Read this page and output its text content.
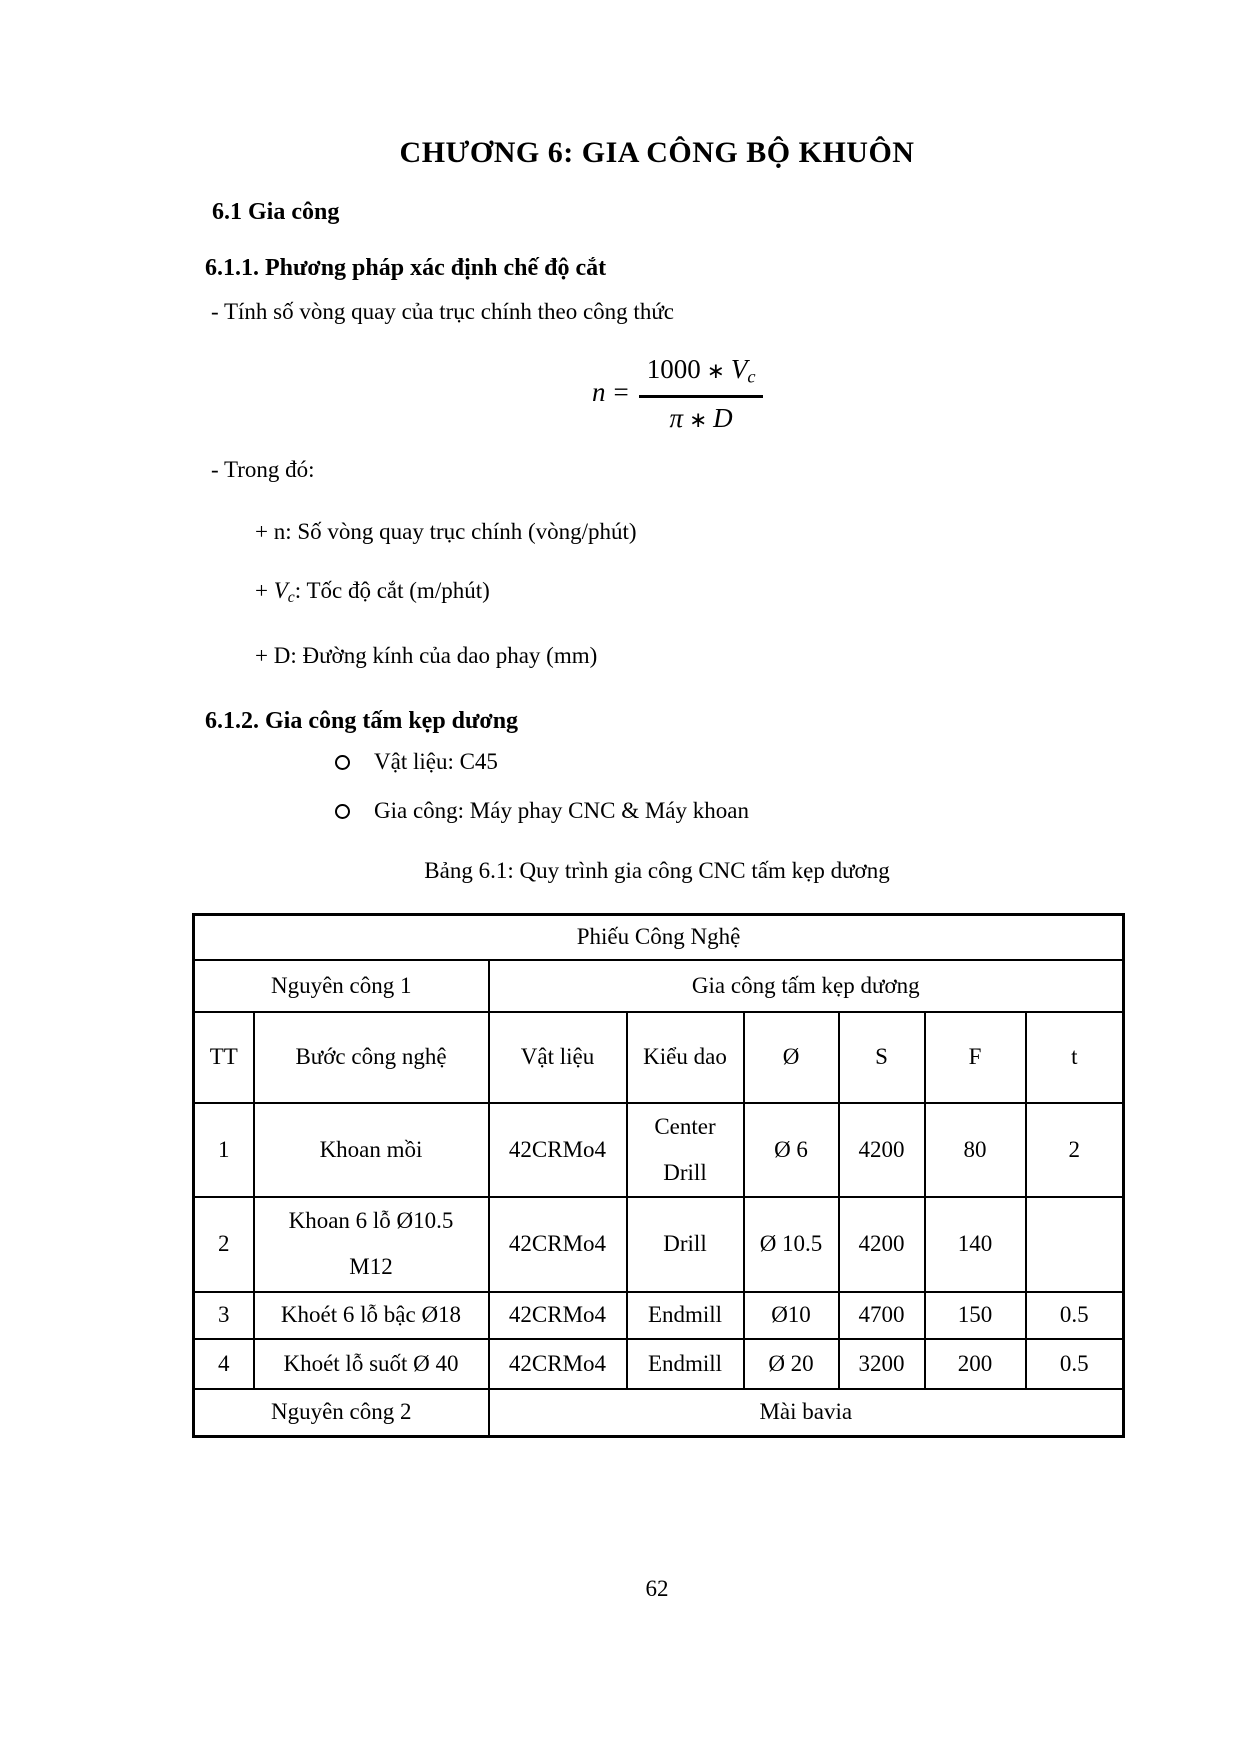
CHƯƠNG 6: GIA CÔNG BỘ KHUÔN
6.1 Gia công
6.1.1. Phương pháp xác định chế độ cắt
- Tính số vòng quay của trục chính theo công thức
$n = \frac{1000 ∗ V_c}{\pi ∗ D}$
- Trong đó:
+ n: Số vòng quay trục chính (vòng/phút)
+ $V_c$: Tốc độ cắt (m/phút)
+ D: Đường kính của dao phay (mm)
6.1.2. Gia công tấm kẹp dương
Vật liệu: C45
Gia công: Máy phay CNC & Máy khoan
Bảng 6.1: Quy trình gia công CNC tấm kẹp dương
Phiếu Công Nghệ							
Nguyên công 1		Gia công tấm kẹp dương					
TT	Bước công nghệ	Vật liệu	Kiểu dao	Ø	S	F	t
1	Khoan mồi	42CRMo4	Center Drill	Ø 6	4200	80	2
2	Khoan 6 lỗ Ø10.5 M12	42CRMo4	Drill	Ø 10.5	4200	140	
3	Khoét 6 lỗ bậc Ø18	42CRMo4	Endmill	Ø10	4700	150	0.5
4	Khoét lỗ suốt Ø 40	42CRMo4	Endmill	Ø 20	3200	200	0.5
Nguyên công 2		Mài bavia					
62
